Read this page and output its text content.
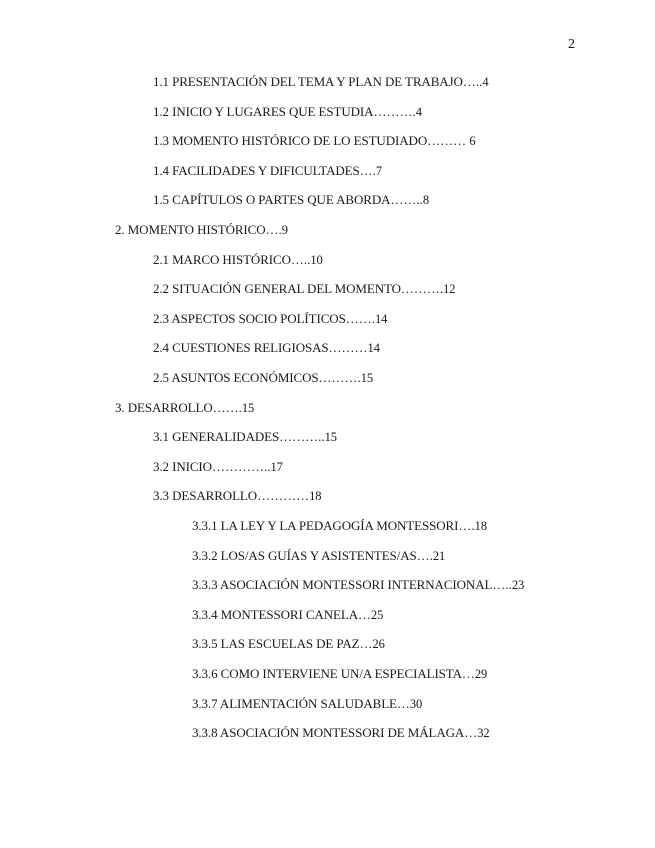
2
1.1 PRESENTACIÓN DEL TEMA Y PLAN DE TRABAJO…..4
1.2 INICIO Y LUGARES QUE ESTUDIA……….4
1.3 MOMENTO HISTÓRICO DE LO ESTUDIADO……… 6
1.4 FACILIDADES Y DIFICULTADES….7
1.5 CAPÍTULOS O PARTES QUE ABORDA……..8
2. MOMENTO HISTÓRICO….9
2.1 MARCO HISTÓRICO…..10
2.2 SITUACIÓN GENERAL DEL MOMENTO……….12
2.3 ASPECTOS SOCIO POLÍTICOS…….14
2.4 CUESTIONES RELIGIOSAS………14
2.5 ASUNTOS ECONÓMICOS……….15
3. DESARROLLO…….15
3.1 GENERALIDADES………..15
3.2 INICIO…………..17
3.3 DESARROLLO…………18
3.3.1 LA LEY Y LA PEDAGOGÍA MONTESSORI….18
3.3.2 LOS/AS GUÍAS Y ASISTENTES/AS….21
3.3.3 ASOCIACIÓN MONTESSORI INTERNACIONAL…..23
3.3.4 MONTESSORI CANELA…25
3.3.5 LAS ESCUELAS DE PAZ…26
3.3.6 COMO INTERVIENE UN/A ESPECIALISTA…29
3.3.7 ALIMENTACIÓN SALUDABLE…30
3.3.8 ASOCIACIÓN MONTESSORI DE MÁLAGA…32
